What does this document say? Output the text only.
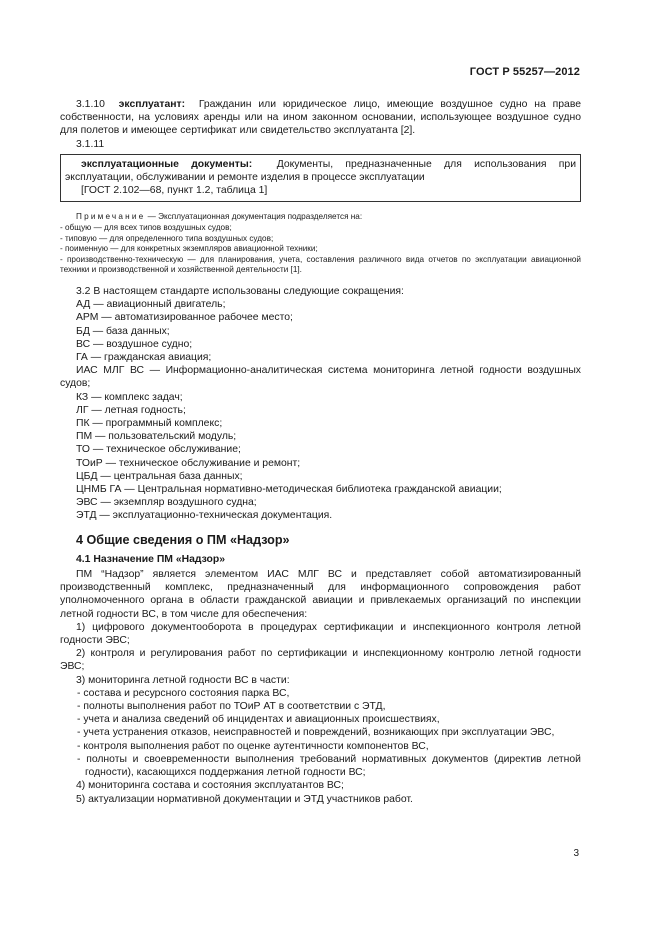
ГОСТ Р 55257—2012

3.1.10 эксплуатант: Гражданин или юридическое лицо, имеющие воздушное судно на праве собственности, на условиях аренды или на ином законном основании, использующее воздушное судно для полетов и имеющее сертификат или свидетельство эксплуатанта [2].

3.1.11

эксплуатационные документы: Документы, предназначенные для использования при эксплуатации, обслуживании и ремонте изделия в процессе эксплуатации

[ГОСТ 2.102—68, пункт 1.2, таблица 1]

Примечание — Эксплуатационная документация подразделяется на:

- общую — для всех типов воздушных судов;

- типовую — для определенного типа воздушных судов;

- поименную — для конкретных экземпляров авиационной техники;

- производственно-техническую — для планирования, учета, составления различного вида отчетов по эксплуатации авиационной техники и производственной и хозяйственной деятельности [1].

3.2 В настоящем стандарте использованы следующие сокращения:

АД — авиационный двигатель;

АРМ — автоматизированное рабочее место;

БД — база данных;

ВС — воздушное судно;

ГА — гражданская авиация;

ИАС МЛГ ВС — Информационно-аналитическая система мониторинга летной годности воздушных судов;

КЗ — комплекс задач;

ЛГ — летная годность;

ПК — программный комплекс;

ПМ — пользовательский модуль;

ТО — техническое обслуживание;

ТОиР — техническое обслуживание и ремонт;

ЦБД — центральная база данных;

ЦНМБ ГА — Центральная нормативно-методическая библиотека гражданской авиации;

ЭВС — экземпляр воздушного судна;

ЭТД — эксплуатационно-техническая документация.

4 Общие сведения о ПМ «Надзор»
4.1 Назначение ПМ «Надзор»

ПМ “Надзор” является элементом ИАС МЛГ ВС и представляет собой автоматизированный производственный комплекс, предназначенный для информационного сопровождения работ уполномоченного органа в области гражданской авиации и привлекаемых организаций по инспекции летной годности ВС, в том числе для обеспечения:

1) цифрового документооборота в процедурах сертификации и инспекционного контроля летной годности ЭВС;

2) контроля и регулирования работ по сертификации и инспекционному контролю летной годности ЭВС;

3) мониторинга летной годности ВС в части:

- состава и ресурсного состояния парка ВС,

- полноты выполнения работ по ТОиР АТ в соответствии с ЭТД,

- учета и анализа сведений об инцидентах и авиационных происшествиях,

- учета устранения отказов, неисправностей и повреждений, возникающих при эксплуатации ЭВС,

- контроля выполнения работ по оценке аутентичности компонентов ВС,

- полноты и своевременности выполнения требований нормативных документов (директив летной годности), касающихся поддержания летной годности ВС;

4) мониторинга состава и состояния эксплуатантов ВС;

5) актуализации нормативной документации и ЭТД участников работ.

3
